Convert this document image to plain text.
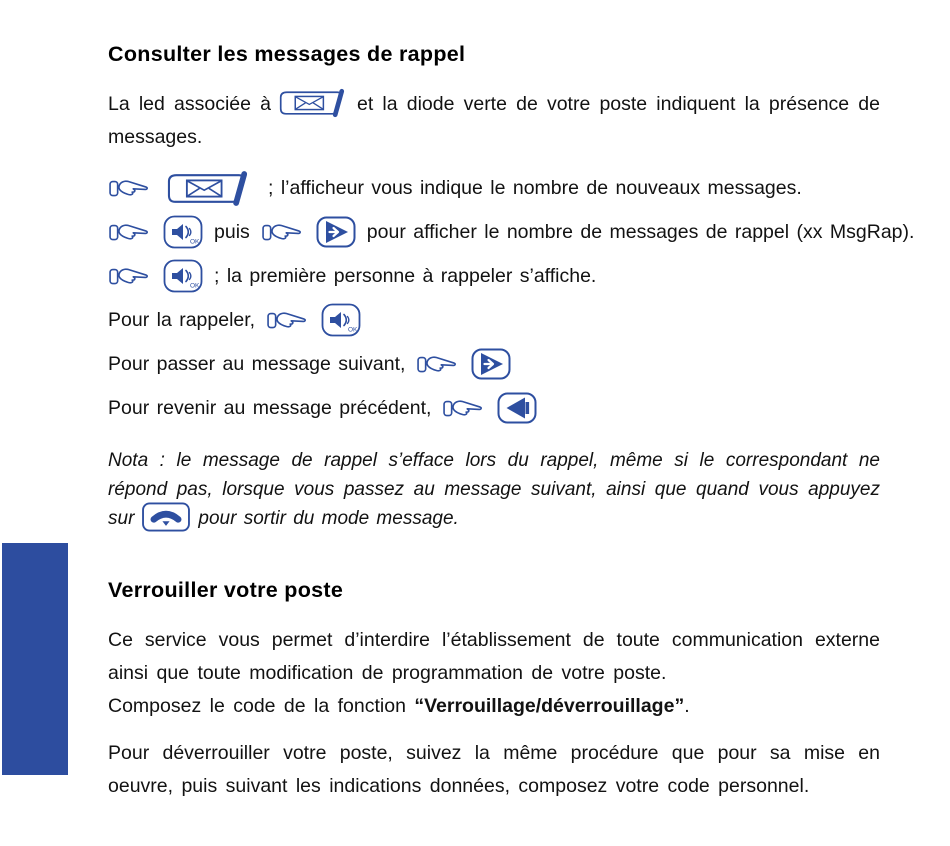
Consulter les messages de rappel

La led associée à	et la diode verte de votre poste indiquent la présence de messages.

; l’afficheur vous indique le nombre de nouveaux messages.
OK puis	pour afficher le nombre de messages de rappel (xx MsgRap).
OK ; la première personne à rappeler s’affiche.
Pour la rappeler,	OK
Pour passer au message suivant,
Pour revenir au message précédent,

Nota : le message de rappel s’efface lors du rappel, même si le correspondant ne répond pas, lorsque vous passez au message suivant, ainsi que quand vous appuyez sur	pour sortir du mode message.

Verrouiller votre poste
Ce service vous permet d’interdire l’établissement de toute communication externe ainsi que toute modification de programmation de votre poste.
Composez le code de la fonction “Verrouillage/déverrouillage”.
Pour déverrouiller votre poste, suivez la même procédure que pour sa mise en oeuvre, puis suivant les indications données, composez votre code personnel.
